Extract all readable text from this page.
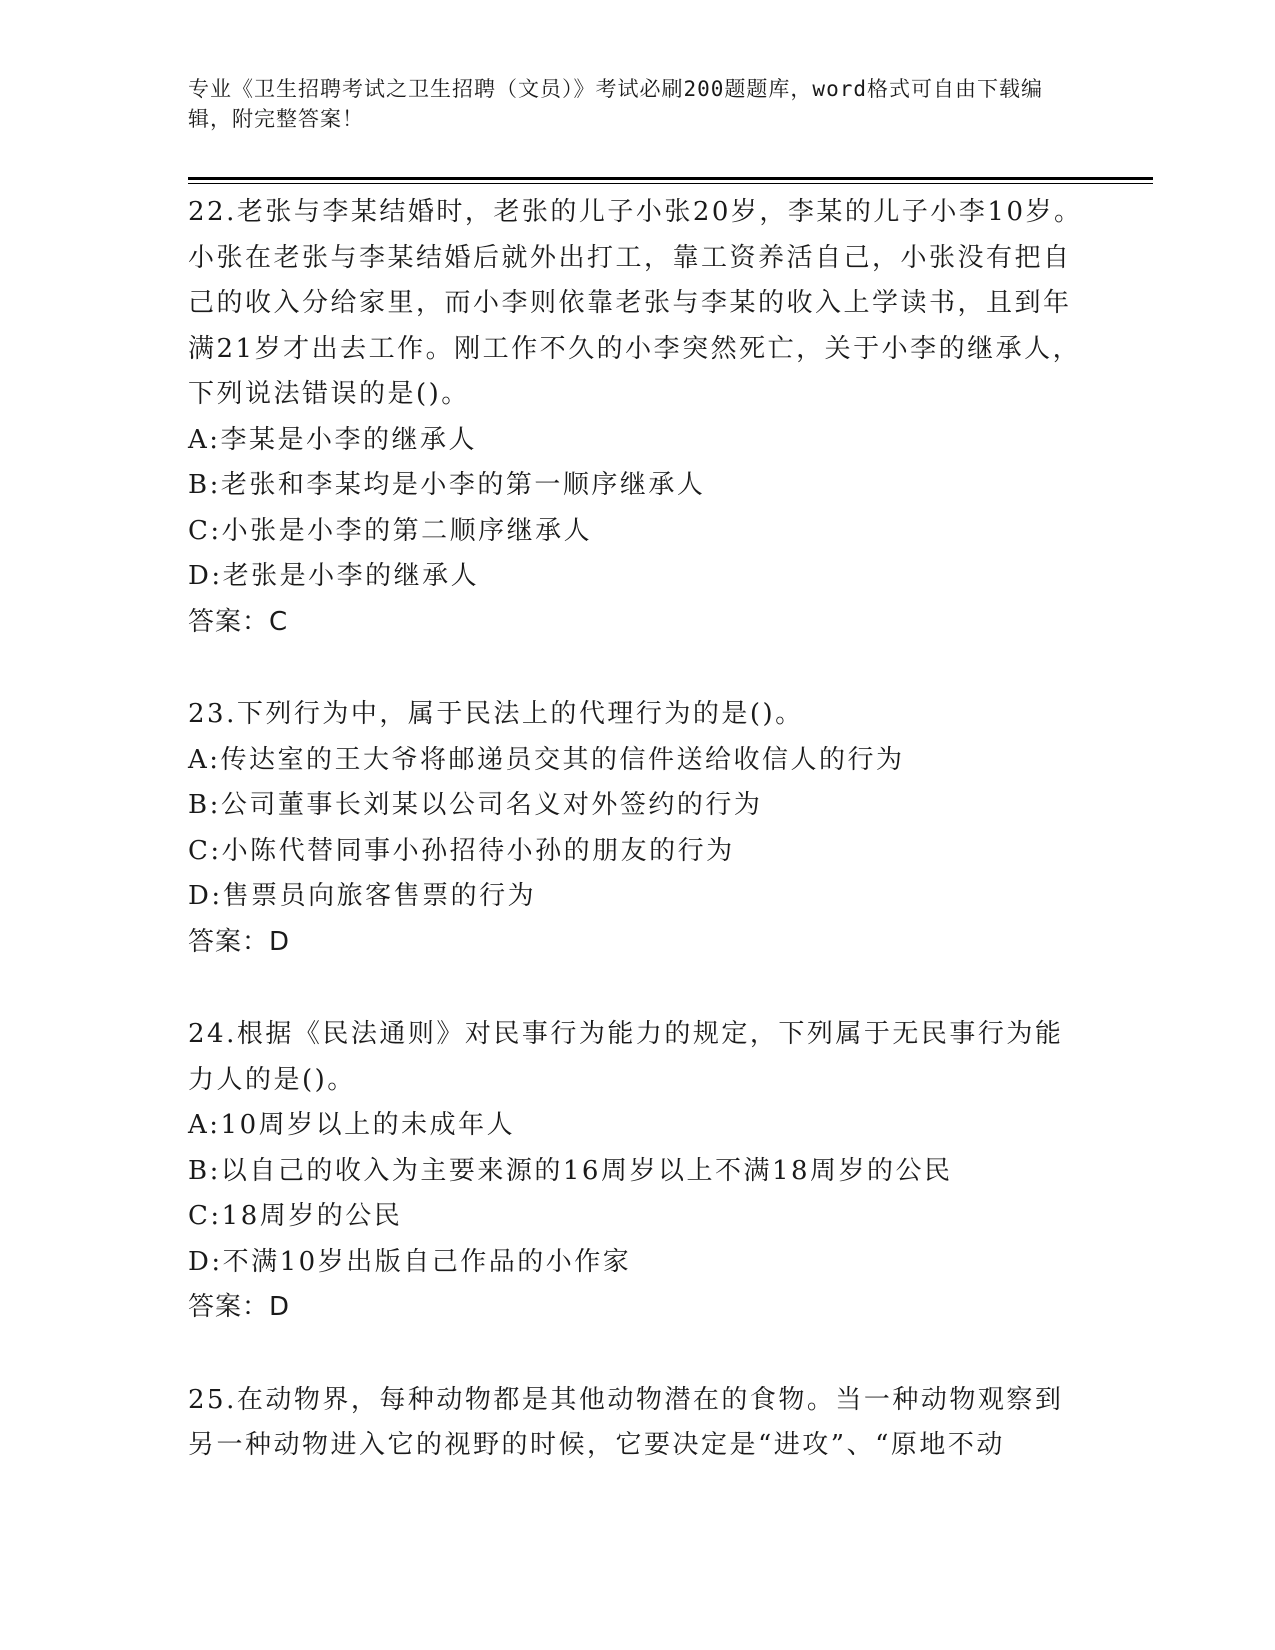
专业《卫生招聘考试之卫生招聘（文员）》考试必刷200题题库，word格式可自由下载编辑，附完整答案！

22.老张与李某结婚时，老张的儿子小张20岁，李某的儿子小李10岁。小张在老张与李某结婚后就外出打工，靠工资养活自己，小张没有把自己的收入分给家里，而小李则依靠老张与李某的收入上学读书，且到年满21岁才出去工作。刚工作不久的小李突然死亡，关于小李的继承人，下列说法错误的是()。

A:李某是小李的继承人

B:老张和李某均是小李的第一顺序继承人

C:小张是小李的第二顺序继承人

D:老张是小李的继承人

答案：C

23.下列行为中，属于民法上的代理行为的是()。

A:传达室的王大爷将邮递员交其的信件送给收信人的行为

B:公司董事长刘某以公司名义对外签约的行为

C:小陈代替同事小孙招待小孙的朋友的行为

D:售票员向旅客售票的行为

答案：D

24.根据《民法通则》对民事行为能力的规定，下列属于无民事行为能力人的是()。

A:10周岁以上的未成年人

B:以自己的收入为主要来源的16周岁以上不满18周岁的公民

C:18周岁的公民

D:不满10岁出版自己作品的小作家

答案：D

25.在动物界，每种动物都是其他动物潜在的食物。当一种动物观察到另一种动物进入它的视野的时候，它要决定是“进攻”、“原地不动
